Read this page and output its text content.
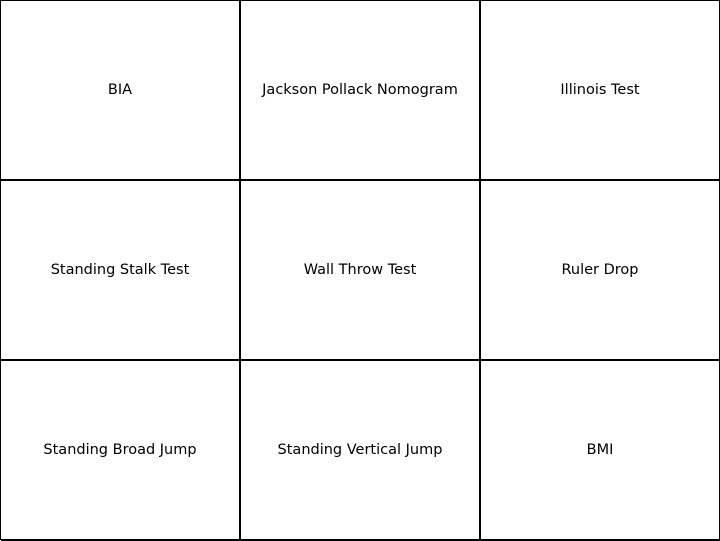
BIA	Jackson Pollack Nomogram	Illinois Test
Standing Stalk Test	Wall Throw Test	Ruler Drop
Standing Broad Jump	Standing Vertical Jump	BMI
